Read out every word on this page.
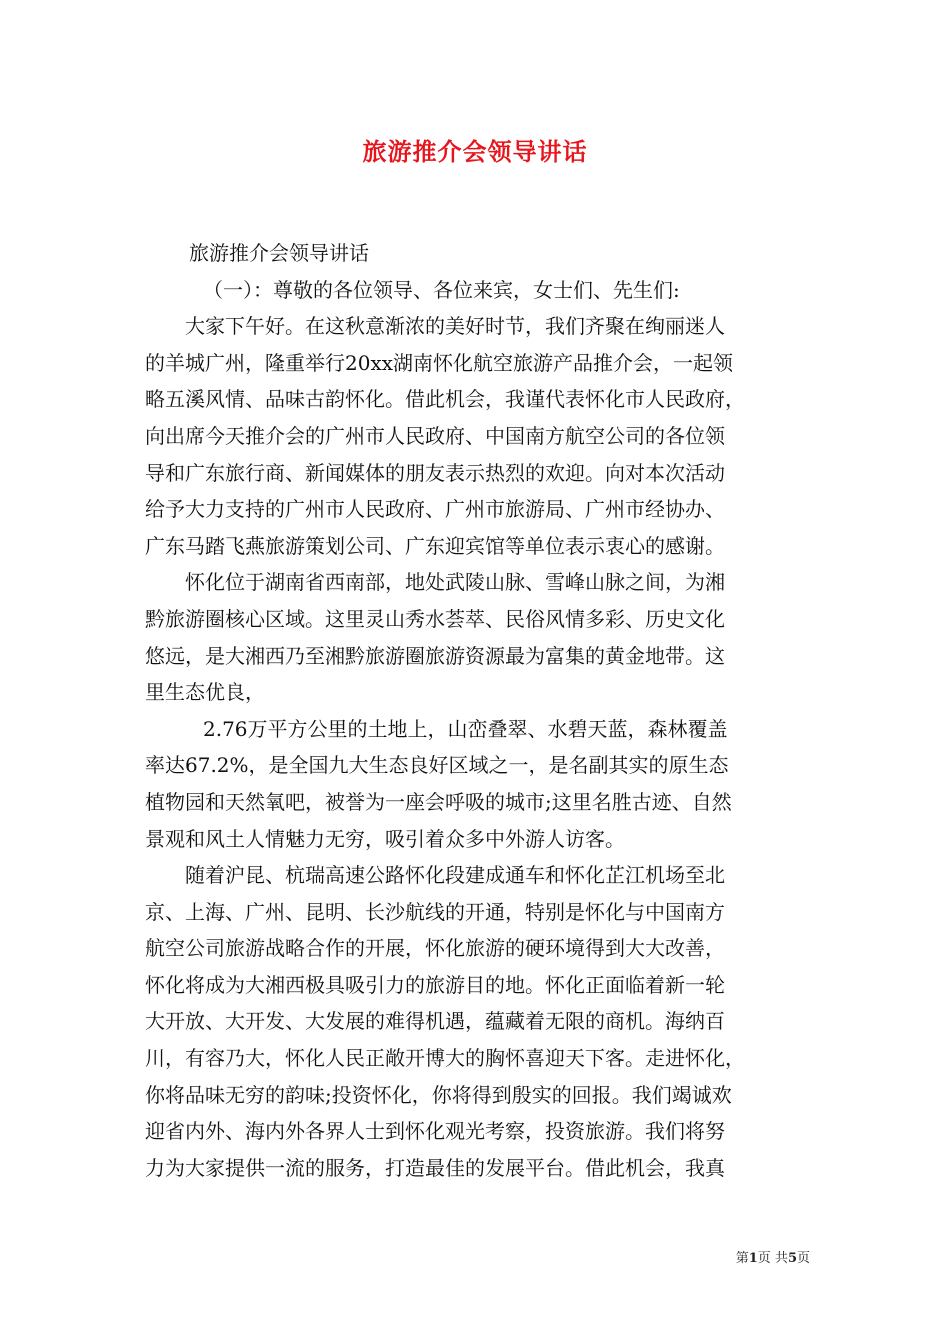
旅游推介会领导讲话
旅游推介会领导讲话
（一）：尊敬的各位领导、各位来宾，女士们、先生们:
大家下午好。在这秋意渐浓的美好时节，我们齐聚在绚丽迷人
的羊城广州，隆重举行20xx湖南怀化航空旅游产品推介会，一起领
略五溪风情、品味古韵怀化。借此机会，我谨代表怀化市人民政府，
向出席今天推介会的广州市人民政府、中国南方航空公司的各位领
导和广东旅行商、新闻媒体的朋友表示热烈的欢迎。向对本次活动
给予大力支持的广州市人民政府、广州市旅游局、广州市经协办、
广东马踏飞燕旅游策划公司、广东迎宾馆等单位表示衷心的感谢。
怀化位于湖南省西南部，地处武陵山脉、雪峰山脉之间，为湘
黔旅游圈核心区域。这里灵山秀水荟萃、民俗风情多彩、历史文化
悠远，是大湘西乃至湘黔旅游圈旅游资源最为富集的黄金地带。这
里生态优良，
2.76万平方公里的土地上，山峦叠翠、水碧天蓝，森林覆盖
率达67.2%，是全国九大生态良好区域之一，是名副其实的原生态
植物园和天然氧吧，被誉为一座会呼吸的城市;这里名胜古迹、自然
景观和风土人情魅力无穷，吸引着众多中外游人访客。
随着沪昆、杭瑞高速公路怀化段建成通车和怀化芷江机场至北
京、上海、广州、昆明、长沙航线的开通，特别是怀化与中国南方
航空公司旅游战略合作的开展，怀化旅游的硬环境得到大大改善，
怀化将成为大湘西极具吸引力的旅游目的地。怀化正面临着新一轮
大开放、大开发、大发展的难得机遇，蕴藏着无限的商机。海纳百
川，有容乃大，怀化人民正敞开博大的胸怀喜迎天下客。走进怀化，
你将品味无穷的韵味;投资怀化，你将得到殷实的回报。我们竭诚欢
迎省内外、海内外各界人士到怀化观光考察，投资旅游。我们将努
力为大家提供一流的服务，打造最佳的发展平台。借此机会，我真
第1页 共5页
